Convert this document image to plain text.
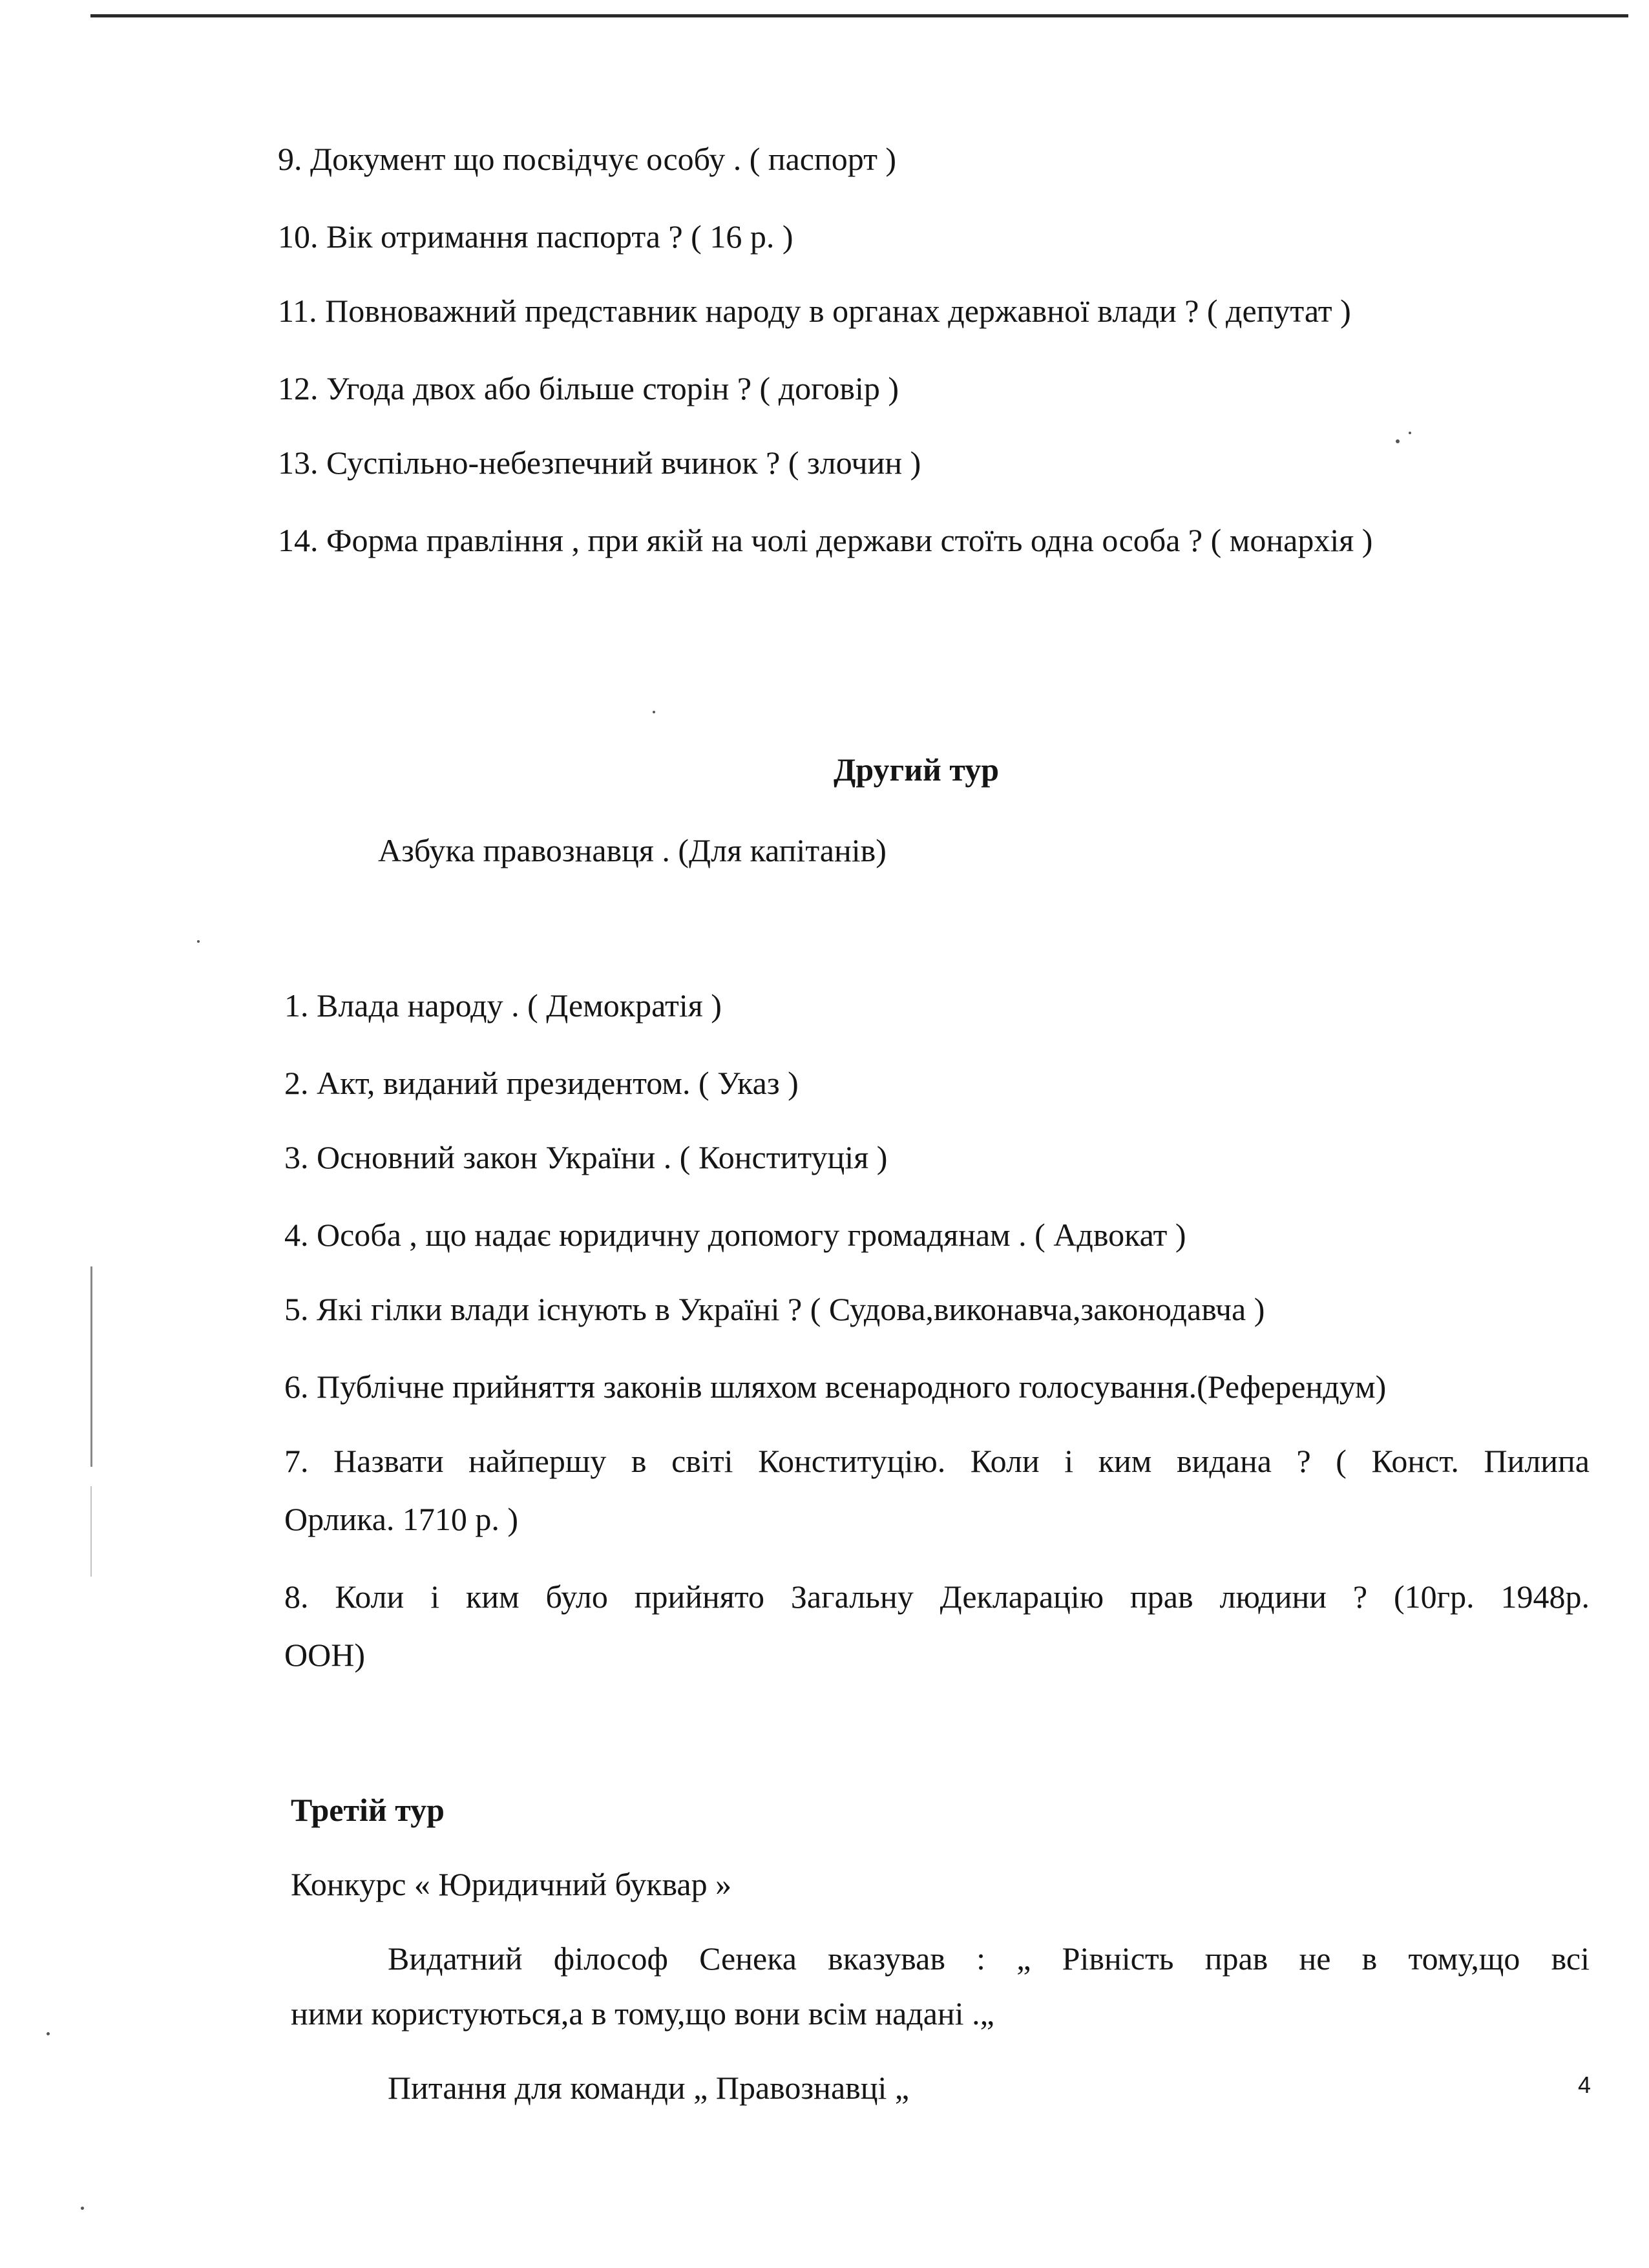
9. Документ що посвідчує особу . ( паспорт )
10. Вік отримання паспорта ? ( 16 р. )
11. Повноважний представник народу в органах державної влади ? ( депутат )
12. Угода двох або більше сторін ? ( договір )
13. Суспільно-небезпечний вчинок ? ( злочин )
14. Форма правління , при якій на чолі держави стоїть одна особа ? ( монархія )
Другий тур
Азбука правознавця . (Для капітанів)
1. Влада народу . ( Демократія )
2. Акт, виданий президентом. ( Указ )
3. Основний закон України . ( Конституція )
4. Особа , що надає юридичну допомогу громадянам . ( Адвокат )
5. Які гілки влади існують в Україні ? ( Судова,виконавча,законодавча )
6. Публічне прийняття законів шляхом всенародного голосування.(Референдум)
7. Назвати найпершу в світі Конституцію. Коли і ким видана ? ( Конст. Пилипа
Орлика. 1710 р. )
8. Коли і ким було прийнято Загальну Декларацію прав людини ? (10гр. 1948р.
ООН)
Третій тур
Конкурс « Юридичний буквар »
Видатний філософ Сенека вказував : „ Рівність прав не в тому,що всі
ними користуються,а в тому,що вони всім надані .„
Питання для команди „ Правознавці „	4
